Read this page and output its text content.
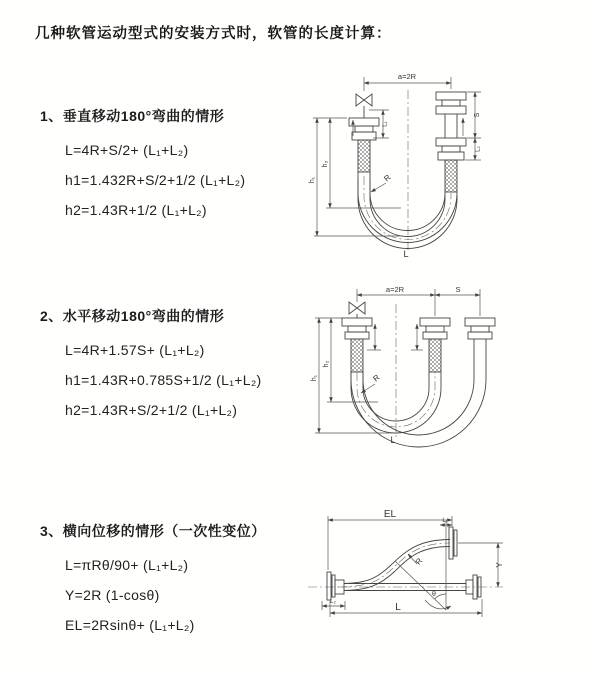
几种软管运动型式的安装方式时，软管的长度计算：
1、垂直移动180°弯曲的情形
L=4R+S/2+ (L₁+L₂)
h1=1.432R+S/2+1/2 (L₁+L₂)
h2=1.43R+1/2 (L₁+L₂)
2、水平移动180°弯曲的情形
L=4R+1.57S+ (L₁+L₂)
h1=1.43R+0.785S+1/2 (L₁+L₂)
h2=1.43R+S/2+1/2 (L₁+L₂)
3、横向位移的情形（一次性变位）
L=πRθ/90+ (L₁+L₂)
Y=2R (1-cosθ)
EL=2Rsinθ+ (L₁+L₂)
a=2R
h₁
h₂
S
L₂
L₁
R
L
a=2R	S
h₁
h₂
R
L
θ
EL
L₁
Y
L
L₂
R
